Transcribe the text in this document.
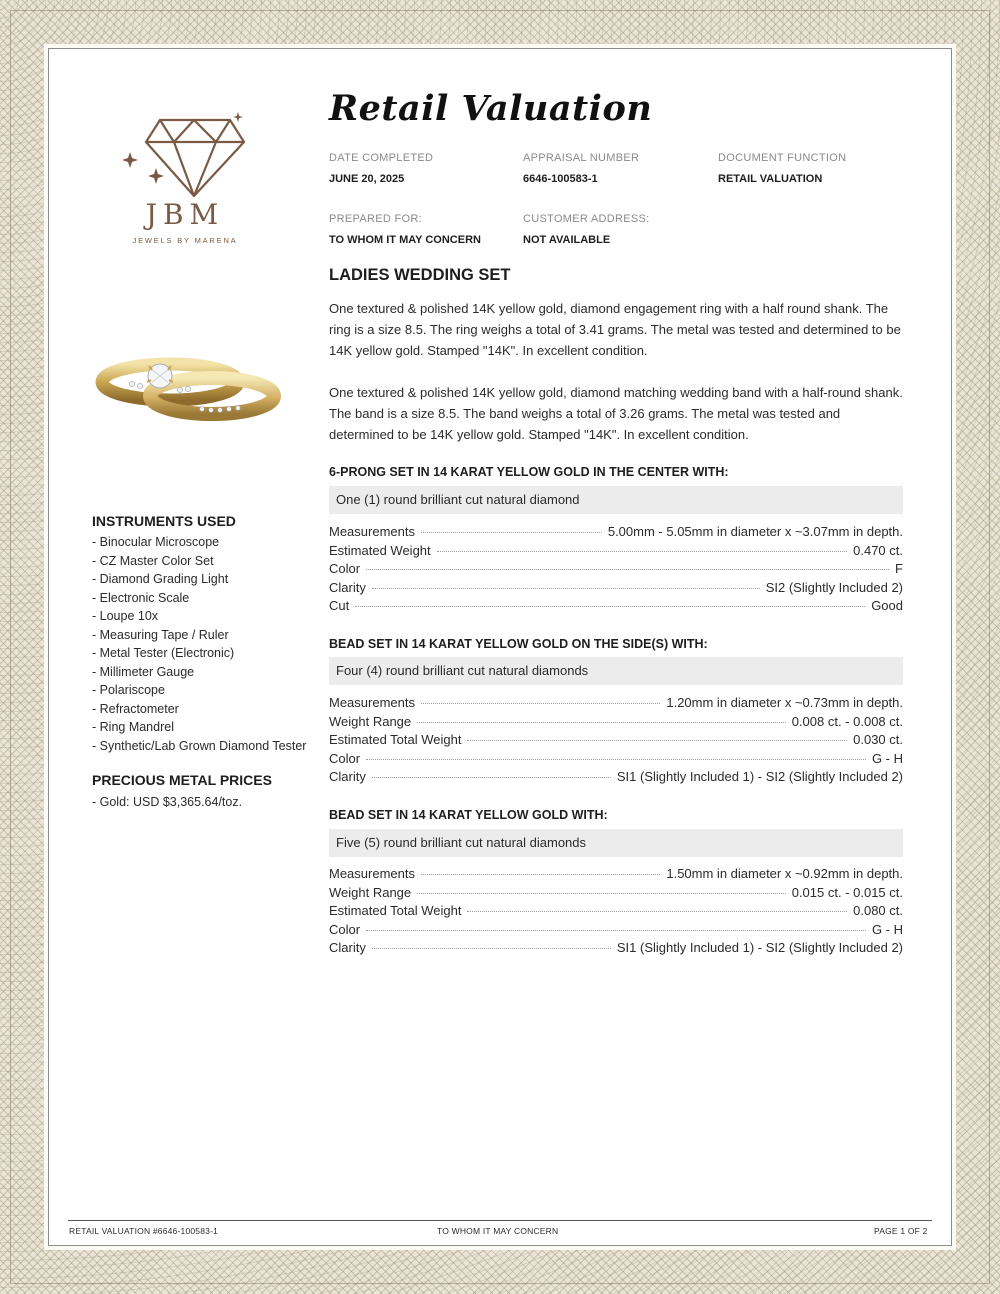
JBM
JEWELS BY MARENA
INSTRUMENTS USED
- Binocular Microscope
- CZ Master Color Set
- Diamond Grading Light
- Electronic Scale
- Loupe 10x
- Measuring Tape / Ruler
- Metal Tester (Electronic)
- Millimeter Gauge
- Polariscope
- Refractometer
- Ring Mandrel
- Synthetic/Lab Grown Diamond Tester
PRECIOUS METAL PRICES
- Gold: USD $3,365.64/toz.
Retail Valuation
DATE COMPLETED
JUNE 20, 2025
APPRAISAL NUMBER
6646-100583-1
DOCUMENT FUNCTION
RETAIL VALUATION
PREPARED FOR:
TO WHOM IT MAY CONCERN
CUSTOMER ADDRESS:
NOT AVAILABLE
LADIES WEDDING SET

One textured & polished 14K yellow gold, diamond engagement ring with a half round shank. The ring is a size 8.5. The ring weighs a total of 3.41 grams. The metal was tested and determined to be 14K yellow gold. Stamped "14K". In excellent condition.

One textured & polished 14K yellow gold, diamond matching wedding band with a half-round shank. The band is a size 8.5. The band weighs a total of 3.26 grams. The metal was tested and determined to be 14K yellow gold. Stamped "14K". In excellent condition.

6-PRONG SET IN 14 KARAT YELLOW GOLD IN THE CENTER WITH:
One (1) round brilliant cut natural diamond
Measurements	5.00mm - 5.05mm in diameter x ~3.07mm in depth.
Estimated Weight	0.470 ct.
Color	F
Clarity	SI2 (Slightly Included 2)
Cut	Good
BEAD SET IN 14 KARAT YELLOW GOLD ON THE SIDE(S) WITH:
Four (4) round brilliant cut natural diamonds
Measurements	1.20mm in diameter x ~0.73mm in depth.
Weight Range	0.008 ct. - 0.008 ct.
Estimated Total Weight	0.030 ct.
Color	G - H
Clarity	SI1 (Slightly Included 1) - SI2 (Slightly Included 2)
BEAD SET IN 14 KARAT YELLOW GOLD WITH:
Five (5) round brilliant cut natural diamonds
Measurements	1.50mm in diameter x ~0.92mm in depth.
Weight Range	0.015 ct. - 0.015 ct.
Estimated Total Weight	0.080 ct.
Color	G - H
Clarity	SI1 (Slightly Included 1) - SI2 (Slightly Included 2)
RETAIL VALUATION #6646-100583-1	TO WHOM IT MAY CONCERN	PAGE 1 OF 2
